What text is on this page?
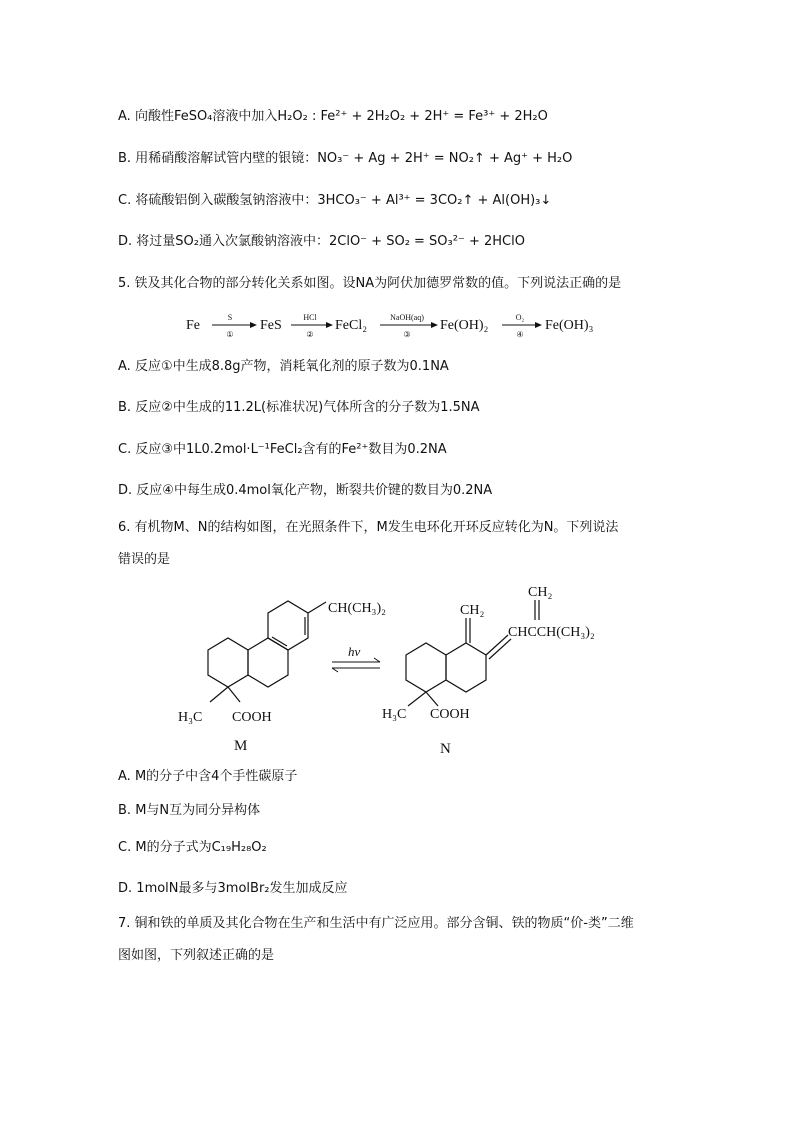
A. 向酸性FeSO₄溶液中加入H₂O₂ : Fe²⁺ + 2H₂O₂ + 2H⁺ = Fe³⁺ + 2H₂O
B. 用稀硝酸溶解试管内壁的银镜：NO₃⁻ + Ag + 2H⁺ = NO₂↑ + Ag⁺ + H₂O
C. 将硫酸铝倒入碳酸氢钠溶液中：3HCO₃⁻ + Al³⁺ = 3CO₂↑ + Al(OH)₃↓
D. 将过量SO₂通入次氯酸钠溶液中：2ClO⁻ + SO₂ = SO₃²⁻ + 2HClO
5. 铁及其化合物的部分转化关系如图。设NA为阿伏加德罗常数的值。下列说法正确的是
Fe
S
①
FeS
HCl
②
FeCl₂
NaOH(aq)
③
Fe(OH)₂
O₂
④
Fe(OH)₃
A. 反应①中生成8.8g产物，消耗氧化剂的原子数为0.1NA
B. 反应②中生成的11.2L(标准状况)气体所含的分子数为1.5NA
C. 反应③中1L0.2mol·L⁻¹FeCl₂含有的Fe²⁺数目为0.2NA
D. 反应④中每生成0.4mol氧化产物，断裂共价键的数目为0.2NA
6. 有机物M、N的结构如图，在光照条件下，M发生电环化开环反应转化为N。下列说法
错误的是
CH(CH₃)₂
H₃C COOH
M
hν
CH₂
CH₂
CHCCH(CH₃)₂
H₃C COOH
N
A. M的分子中含4个手性碳原子
B. M与N互为同分异构体
C. M的分子式为C₁₉H₂₈O₂
D. 1molN最多与3molBr₂发生加成反应
7. 铜和铁的单质及其化合物在生产和生活中有广泛应用。部分含铜、铁的物质“价-类”二维
图如图，下列叙述正确的是
